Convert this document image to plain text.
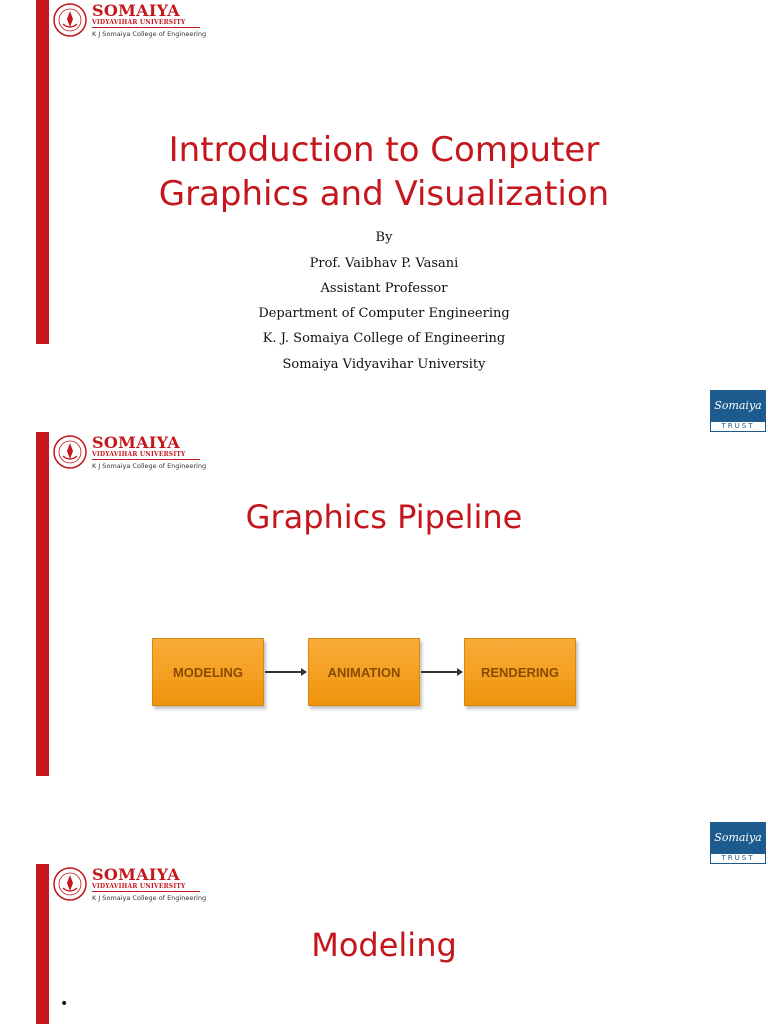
SOMAIYA
VIDYAVIHAR UNIVERSITY
K J Somaiya College of Engineering
Introduction to Computer
Graphics and Visualization
By
Prof. Vaibhav P. Vasani
Assistant Professor
Department of Computer Engineering
K. J. Somaiya College of Engineering
Somaiya Vidyavihar University
Somaiya
TRUST
SOMAIYA
VIDYAVIHAR UNIVERSITY
K J Somaiya College of Engineering
Graphics Pipeline
MODELING	ANIMATION	RENDERING
Somaiya
TRUST
SOMAIYA
VIDYAVIHAR UNIVERSITY
K J Somaiya College of Engineering
Modeling
•
